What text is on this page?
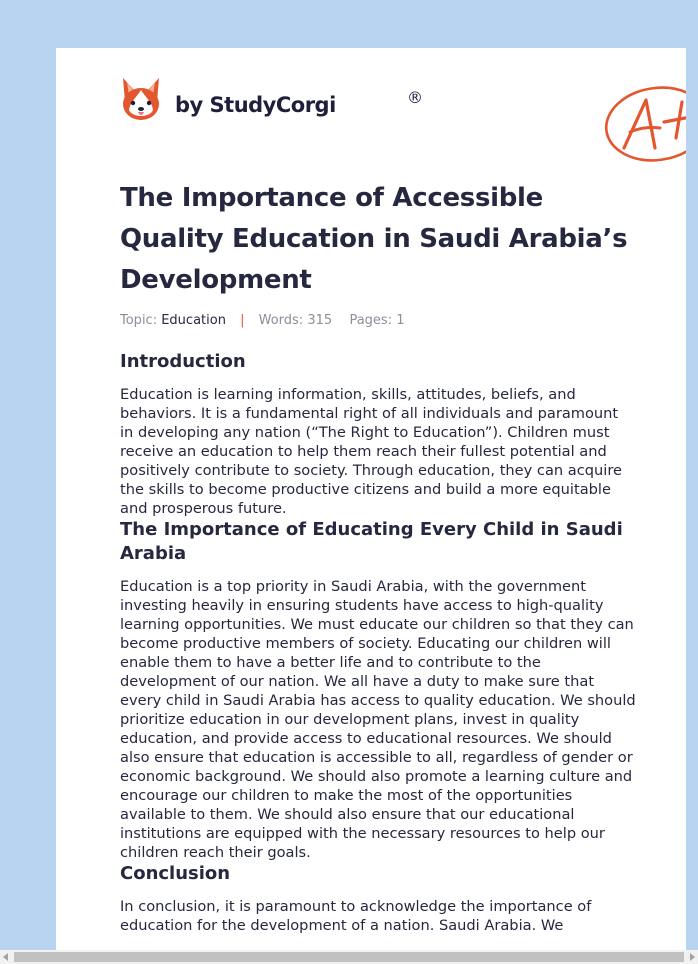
by StudyCorgi	®
The Importance of Accessible Quality Education in Saudi Arabia’s Development
Topic: Education | Words: 315 Pages: 1
Introduction

Education is learning information, skills, attitudes, beliefs, and behaviors. It is a fundamental right of all individuals and paramount in developing any nation (“The Right to Education”). Children must receive an education to help them reach their fullest potential and positively contribute to society. Through education, they can acquire the skills to become productive citizens and build a more equitable and prosperous future.

The Importance of Educating Every Child in Saudi Arabia

Education is a top priority in Saudi Arabia, with the government investing heavily in ensuring students have access to high-quality learning opportunities. We must educate our children so that they can become productive members of society. Educating our children will enable them to have a better life and to contribute to the development of our nation. We all have a duty to make sure that every child in Saudi Arabia has access to quality education. We should prioritize education in our development plans, invest in quality education, and provide access to educational resources. We should also ensure that education is accessible to all, regardless of gender or economic background. We should also promote a learning culture and encourage our children to make the most of the opportunities available to them. We should also ensure that our educational institutions are equipped with the necessary resources to help our children reach their goals.

Conclusion

In conclusion, it is paramount to acknowledge the importance of education for the development of a nation. Saudi Arabia. We
